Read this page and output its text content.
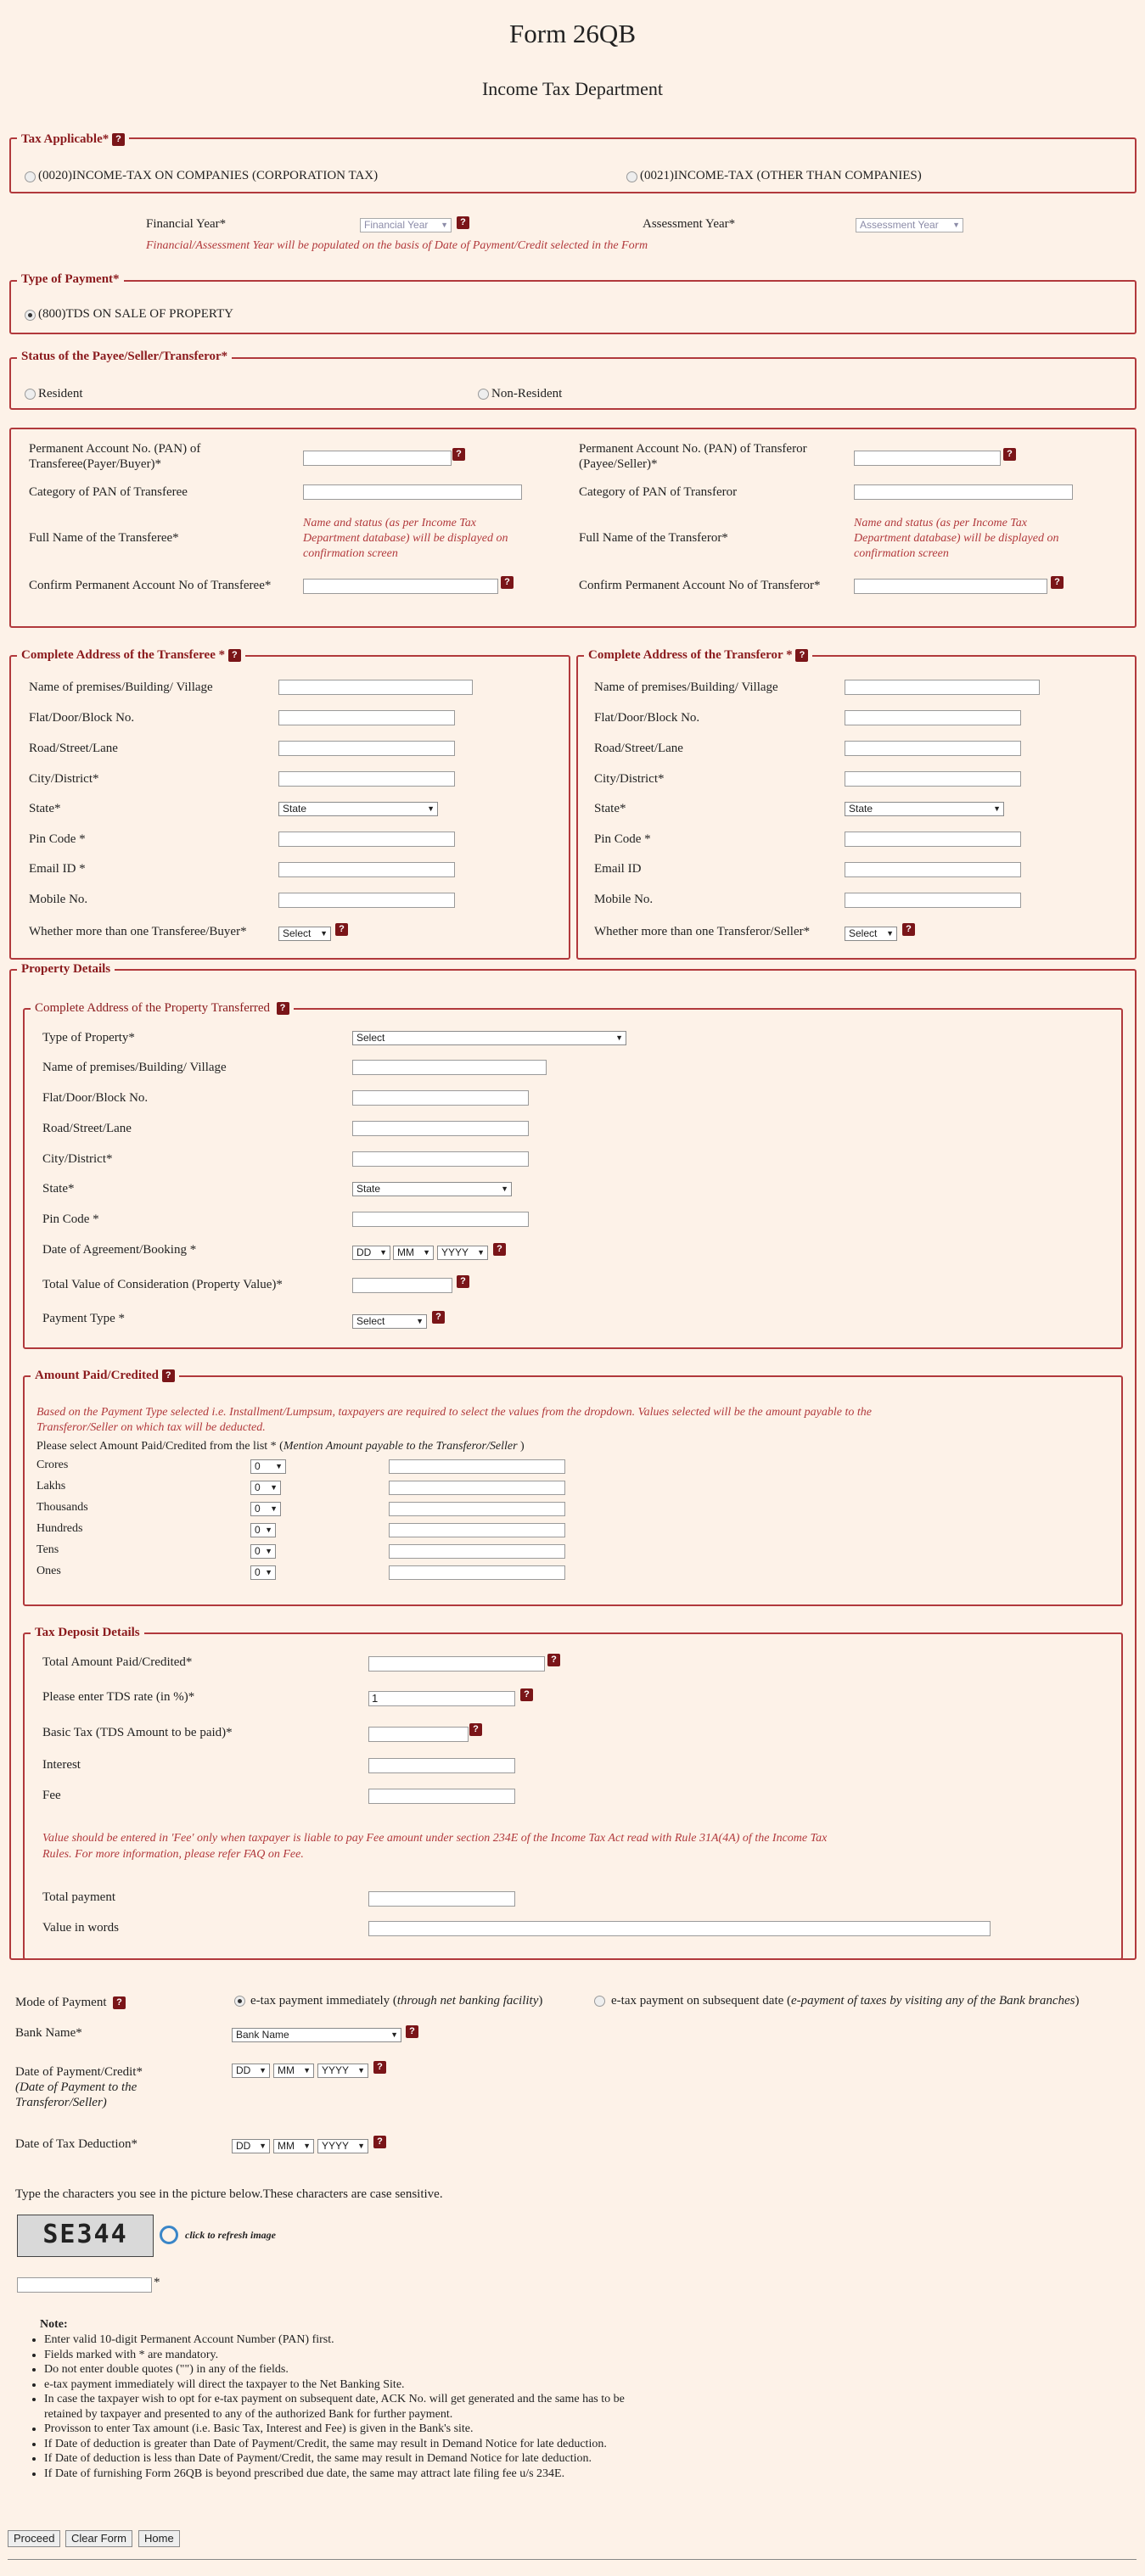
Form 26QB
Income Tax Department
Tax Applicable* ?
(0020)INCOME-TAX ON COMPANIES (CORPORATION TAX)	(0021)INCOME-TAX (OTHER THAN COMPANIES)
Financial Year*	Financial Year ▼	?	Assessment Year*	Assessment Year ▼
Financial/Assessment Year will be populated on the basis of Date of Payment/Credit selected in the Form
Type of Payment*
(800)TDS ON SALE OF PROPERTY
Status of the Payee/Seller/Transferor*
Resident	Non-Resident
Permanent Account No. (PAN) of
Transferee(Payer/Buyer)*
?
Category of PAN of Transferee
Full Name of the Transferee*
Name and status (as per Income Tax
Department database) will be displayed on
confirmation screen
Confirm Permanent Account No of Transferee*	?
Permanent Account No. (PAN) of Transferor
(Payee/Seller)*
?
Category of PAN of Transferor
Full Name of the Transferor*
Name and status (as per Income Tax
Department database) will be displayed on
confirmation screen
Confirm Permanent Account No of Transferor*	?
Complete Address of the Transferee * ?
Name of premises/Building/ Village
Flat/Door/Block No.
Road/Street/Lane
City/District*
State*	State	▼
Pin Code *
Email ID *
Mobile No.
Whether more than one Transferee/Buyer*	Select ▼	?
Complete Address of the Transferor * ?
Name of premises/Building/ Village
Flat/Door/Block No.
Road/Street/Lane
City/District*
State*	State	▼
Pin Code *
Email ID
Mobile No.
Whether more than one Transferor/Seller*	Select ▼	?
Property Details
Complete Address of the Property Transferred ?
Type of Property*	Select	▼
Name of premises/Building/ Village
Flat/Door/Block No.
Road/Street/Lane
City/District*
State*	State	▼
Pin Code *
Date of Agreement/Booking *	DD ▼	MM ▼	YYYY ▼	?
Total Value of Consideration (Property Value)*	?
Payment Type *	Select	▼	?
Amount Paid/Credited ?
Based on the Payment Type selected i.e. Installment/Lumpsum, taxpayers are required to select the values from the dropdown. Values selected will be the amount payable to the
Transferor/Seller on which tax will be deducted.
Please select Amount Paid/Credited from the list * (Mention Amount payable to the Transferor/Seller )
Crores	0 ▼
Lakhs	0 ▼
Thousands	0 ▼
Hundreds	0 ▼
Tens	0 ▼
Ones	0 ▼
Tax Deposit Details
Total Amount Paid/Credited*	?
Please enter TDS rate (in %)*	1	?
Basic Tax (TDS Amount to be paid)*	?
Interest
Fee
Value should be entered in 'Fee' only when taxpayer is liable to pay Fee amount under section 234E of the Income Tax Act read with Rule 31A(4A) of the Income Tax
Rules. For more information, please refer FAQ on Fee.
Total payment
Value in words
Mode of Payment ?	e-tax payment immediately (through net banking facility)	e-tax payment on subsequent date (e-payment of taxes by visiting any of the Bank branches)
Bank Name*	Bank Name	▼	?
Date of Payment/Credit*
(Date of Payment to the
Transferor/Seller)
DD ▼	MM ▼	YYYY ▼	?
Date of Tax Deduction*	DD ▼	MM ▼	YYYY ▼	?
Type the characters you see in the picture below.These characters are case sensitive.
SE344	click to refresh image
*
Note:
• Enter valid 10-digit Permanent Account Number (PAN) first.
• Fields marked with * are mandatory.
• Do not enter double quotes ("") in any of the fields.
• e-tax payment immediately will direct the taxpayer to the Net Banking Site.
• In case the taxpayer wish to opt for e-tax payment on subsequent date, ACK No. will get generated and the same has to be retained by taxpayer and presented to any of the authorized Bank for further payment.
• Provisson to enter Tax amount (i.e. Basic Tax, Interest and Fee) is given in the Bank's site.
• If Date of deduction is greater than Date of Payment/Credit, the same may result in Demand Notice for late deduction.
• If Date of deduction is less than Date of Payment/Credit, the same may result in Demand Notice for late deduction.
• If Date of furnishing Form 26QB is beyond prescribed due date, the same may attract late filing fee u/s 234E.
Proceed	Clear Form	Home
